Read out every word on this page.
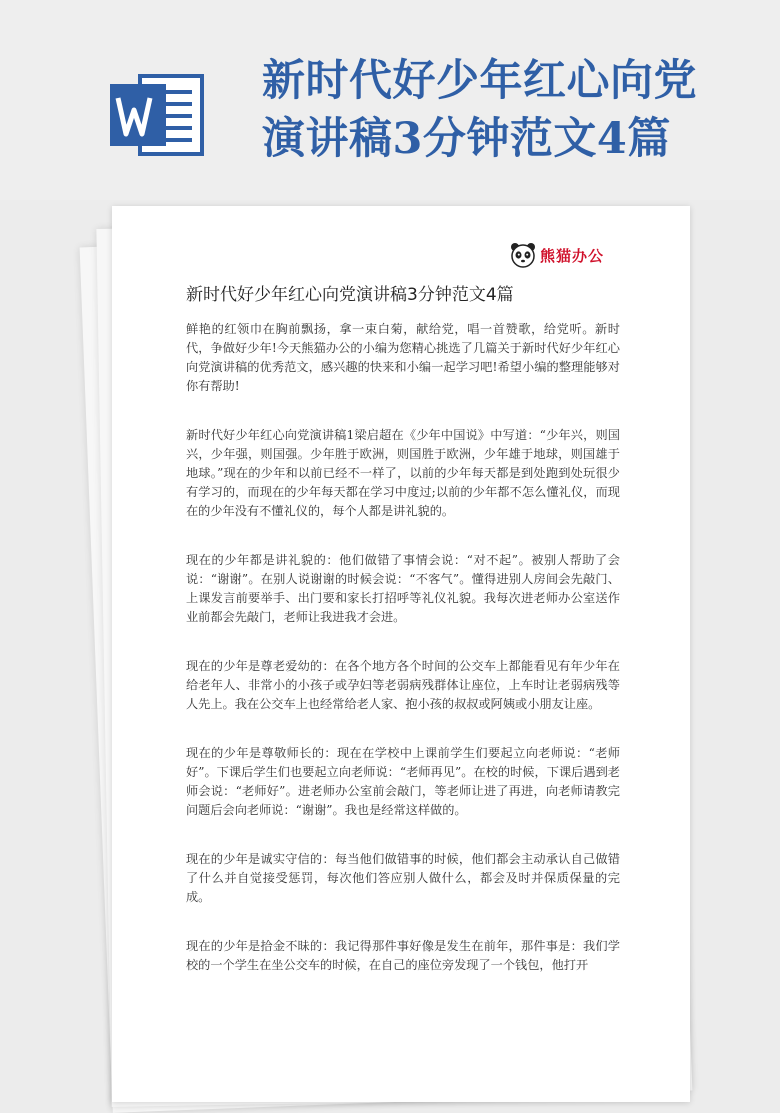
新时代好少年红心向党
演讲稿3分钟范文4篇
熊猫办公
新时代好少年红心向党演讲稿3分钟范文4篇

鲜艳的红领巾在胸前飘扬，拿一束白菊，献给党，唱一首赞歌，给党听。新时代，争做好少年!今天熊猫办公的小编为您精心挑选了几篇关于新时代好少年红心向党演讲稿的优秀范文，感兴趣的快来和小编一起学习吧!希望小编的整理能够对你有帮助!

新时代好少年红心向党演讲稿1梁启超在《少年中国说》中写道：“少年兴，则国兴，少年强，则国强。少年胜于欧洲，则国胜于欧洲，少年雄于地球，则国雄于地球。”现在的少年和以前已经不一样了，以前的少年每天都是到处跑到处玩很少有学习的，而现在的少年每天都在学习中度过;以前的少年都不怎么懂礼仪，而现在的少年没有不懂礼仪的，每个人都是讲礼貌的。

现在的少年都是讲礼貌的：他们做错了事情会说：“对不起”。被别人帮助了会说：“谢谢”。在别人说谢谢的时候会说：“不客气”。懂得进别人房间会先敲门、上课发言前要举手、出门要和家长打招呼等礼仪礼貌。我每次进老师办公室送作业前都会先敲门，老师让我进我才会进。

现在的少年是尊老爱幼的：在各个地方各个时间的公交车上都能看见有年少年在给老年人、非常小的小孩子或孕妇等老弱病残群体让座位，上车时让老弱病残等人先上。我在公交车上也经常给老人家、抱小孩的叔叔或阿姨或小朋友让座。

现在的少年是尊敬师长的：现在在学校中上课前学生们要起立向老师说：“老师好”。下课后学生们也要起立向老师说：“老师再见”。在校的时候，下课后遇到老师会说：“老师好”。进老师办公室前会敲门，等老师让进了再进，向老师请教完问题后会向老师说：“谢谢”。我也是经常这样做的。

现在的少年是诚实守信的：每当他们做错事的时候，他们都会主动承认自己做错了什么并自觉接受惩罚，每次他们答应别人做什么，都会及时并保质保量的完成。

现在的少年是拾金不昧的：我记得那件事好像是发生在前年，那件事是：我们学校的一个学生在坐公交车的时候，在自己的座位旁发现了一个钱包，他打开
